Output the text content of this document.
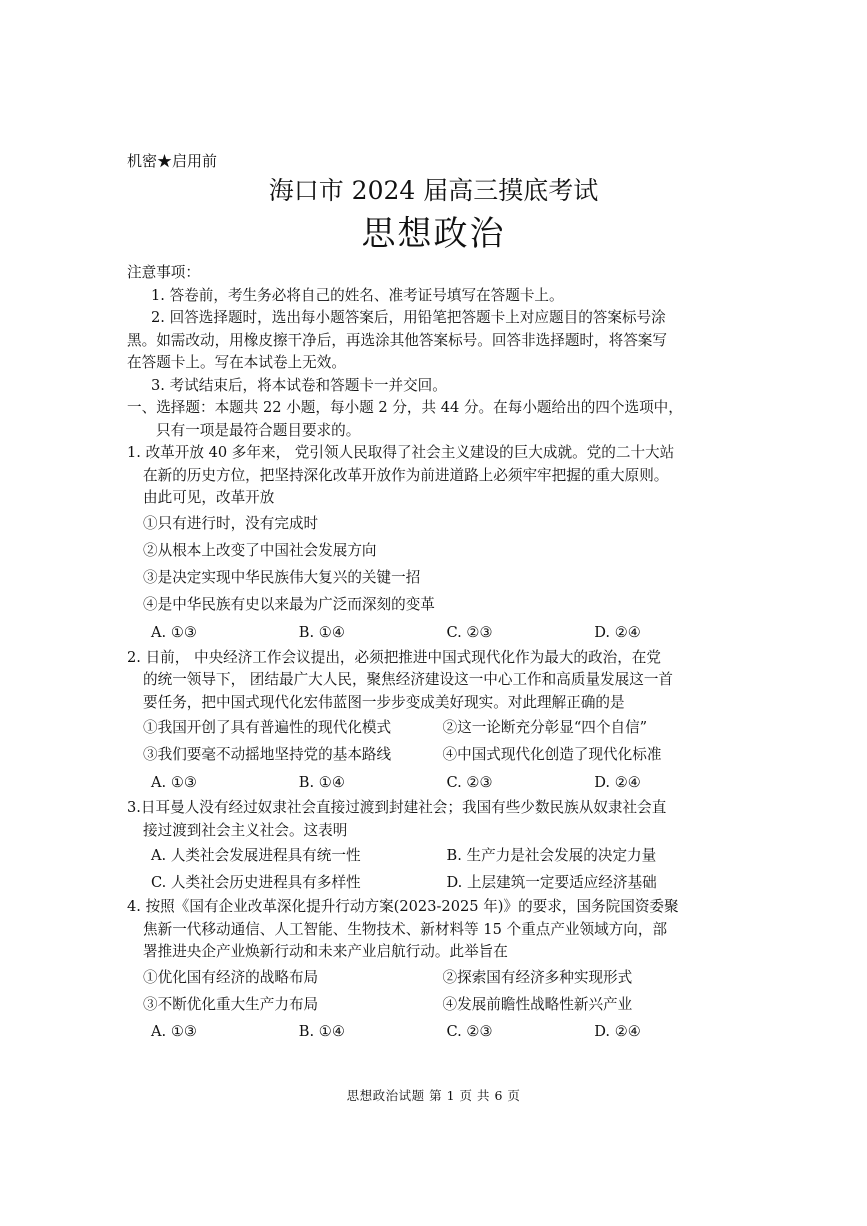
机密★启用前
海口市 2024 届高三摸底考试
思想政治
注意事项：
1. 答卷前，考生务必将自己的姓名、准考证号填写在答题卡上。
2. 回答选择题时，选出每小题答案后，用铅笔把答题卡上对应题目的答案标号涂
黑。如需改动，用橡皮擦干净后，再选涂其他答案标号。回答非选择题时，将答案写
在答题卡上。写在本试卷上无效。
3. 考试结束后，将本试卷和答题卡一并交回。
一、选择题：本题共 22 小题，每小题 2 分，共 44 分。在每小题给出的四个选项中，
只有一项是最符合题目要求的。
1. 改革开放 40 多年来， 党引领人民取得了社会主义建设的巨大成就。党的二十大站
在新的历史方位，把坚持深化改革开放作为前进道路上必须牢牢把握的重大原则。
由此可见，改革开放
①只有进行时，没有完成时
②从根本上改变了中国社会发展方向
③是决定实现中华民族伟大复兴的关键一招
④是中华民族有史以来最为广泛而深刻的变革
A. ①③	B. ①④	C. ②③	D. ②④
2. 日前， 中央经济工作会议提出，必须把推进中国式现代化作为最大的政治，在党
的统一领导下， 团结最广大人民，聚焦经济建设这一中心工作和高质量发展这一首
要任务，把中国式现代化宏伟蓝图一步步变成美好现实。对此理解正确的是
①我国开创了具有普遍性的现代化模式	②这一论断充分彰显“四个自信”
③我们要毫不动摇地坚持党的基本路线	④中国式现代化创造了现代化标准
A. ①③	B. ①④	C. ②③	D. ②④
3.日耳曼人没有经过奴隶社会直接过渡到封建社会；我国有些少数民族从奴隶社会直
接过渡到社会主义社会。这表明
A. 人类社会发展进程具有统一性	B. 生产力是社会发展的决定力量
C. 人类社会历史进程具有多样性	D. 上层建筑一定要适应经济基础
4. 按照《国有企业改革深化提升行动方案(2023-2025 年)》的要求，国务院国资委聚
焦新一代移动通信、人工智能、生物技术、新材料等 15 个重点产业领域方向，部
署推进央企产业焕新行动和未来产业启航行动。此举旨在
①优化国有经济的战略布局	②探索国有经济多种实现形式
③不断优化重大生产力布局	④发展前瞻性战略性新兴产业
A. ①③	B. ①④	C. ②③	D. ②④
思想政治试题 第 1 页 共 6 页
